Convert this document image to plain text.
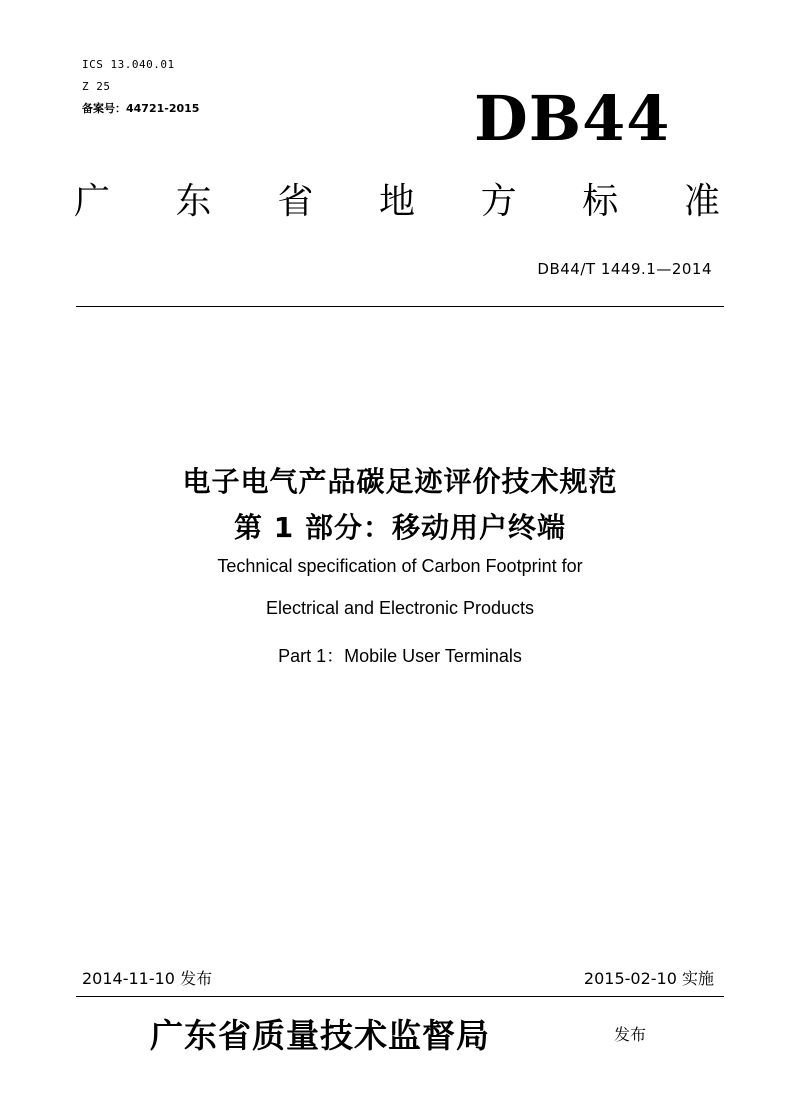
ICS 13.040.01
Z 25
备案号：44721-2015	DB44
广 东 省 地 方 标 准
DB44/T 1449.1—2014
电子电气产品碳足迹评价技术规范
第 1 部分：移动用户终端
Technical specification of Carbon Footprint for
Electrical and Electronic Products
Part 1：Mobile User Terminals
2014-11-10 发布	2015-02-10 实施
广东省质量技术监督局	发布
